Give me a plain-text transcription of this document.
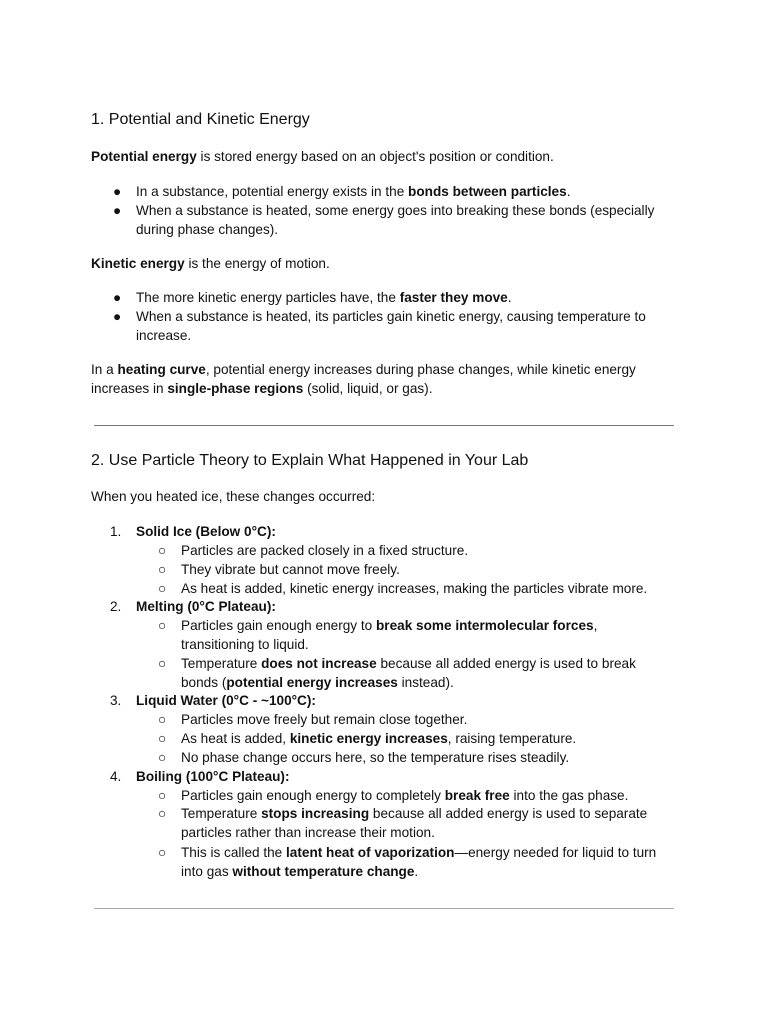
1. Potential and Kinetic Energy

Potential energy is stored energy based on an object's position or condition.

● In a substance, potential energy exists in the bonds between particles.
● When a substance is heated, some energy goes into breaking these bonds (especially during phase changes).

Kinetic energy is the energy of motion.

● The more kinetic energy particles have, the faster they move.
● When a substance is heated, its particles gain kinetic energy, causing temperature to increase.

In a heating curve, potential energy increases during phase changes, while kinetic energy increases in single-phase regions (solid, liquid, or gas).

2. Use Particle Theory to Explain What Happened in Your Lab

When you heated ice, these changes occurred:

1. Solid Ice (Below 0°C):
○ Particles are packed closely in a fixed structure.
○ They vibrate but cannot move freely.
○ As heat is added, kinetic energy increases, making the particles vibrate more.
2. Melting (0°C Plateau):
○ Particles gain enough energy to break some intermolecular forces, transitioning to liquid.
○ Temperature does not increase because all added energy is used to break bonds (potential energy increases instead).
3. Liquid Water (0°C - ~100°C):
○ Particles move freely but remain close together.
○ As heat is added, kinetic energy increases, raising temperature.
○ No phase change occurs here, so the temperature rises steadily.
4. Boiling (100°C Plateau):
○ Particles gain enough energy to completely break free into the gas phase.
○ Temperature stops increasing because all added energy is used to separate particles rather than increase their motion.
○ This is called the latent heat of vaporization—energy needed for liquid to turn into gas without temperature change.
